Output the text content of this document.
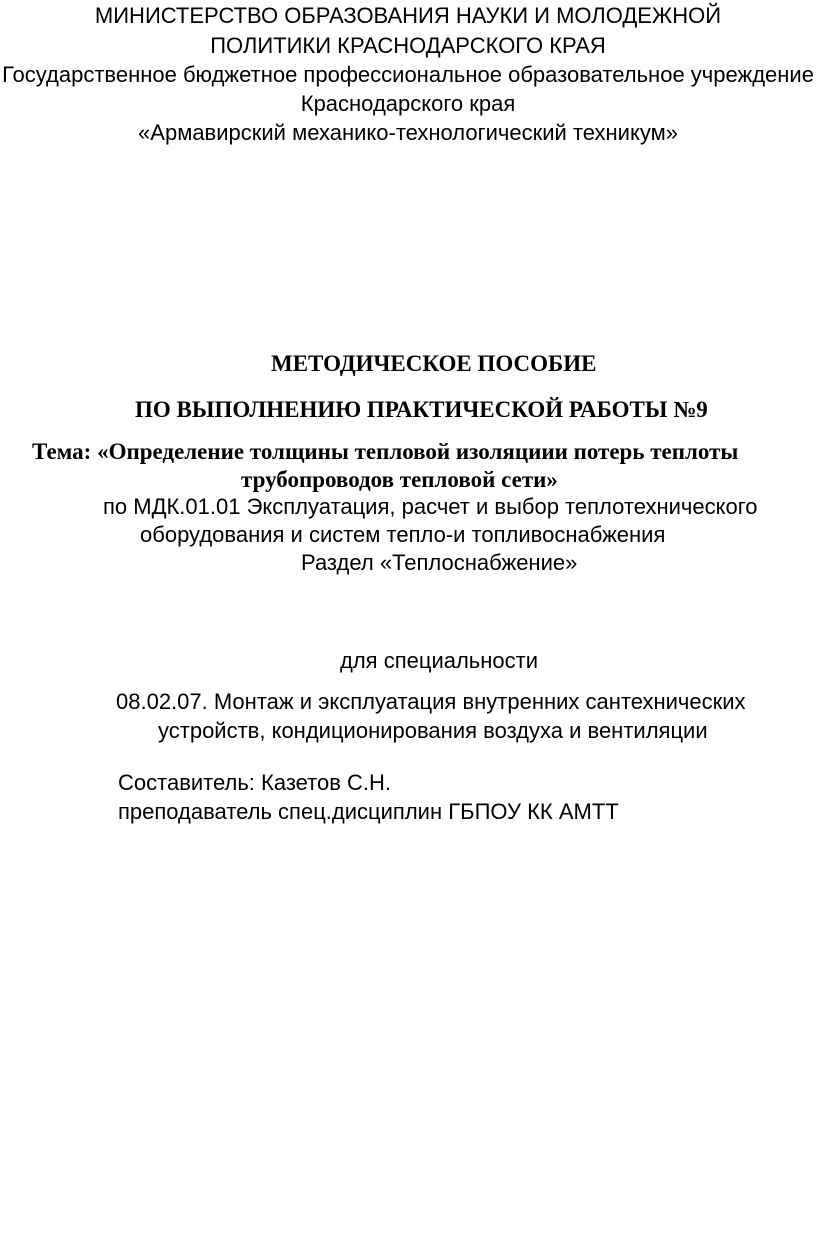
МИНИСТЕРСТВО ОБРАЗОВАНИЯ НАУКИ И МОЛОДЕЖНОЙ
ПОЛИТИКИ КРАСНОДАРСКОГО КРАЯ
Государственное бюджетное профессиональное образовательное учреждение
Краснодарского края
«Армавирский механико-технологический техникум»
МЕТОДИЧЕСКОЕ ПОСОБИЕ
ПО ВЫПОЛНЕНИЮ ПРАКТИЧЕСКОЙ РАБОТЫ №9
Тема: «Определение толщины тепловой изоляциии потерь теплоты
трубопроводов тепловой сети»
по МДК.01.01 Эксплуатация, расчет и выбор теплотехнического
оборудования и систем тепло-и топливоснабжения
Раздел «Теплоснабжение»
для специальности
08.02.07. Монтаж и эксплуатация внутренних сантехнических
устройств, кондиционирования воздуха и вентиляции
Составитель: Казетов С.Н.
преподаватель спец.дисциплин ГБПОУ КК АМТТ
